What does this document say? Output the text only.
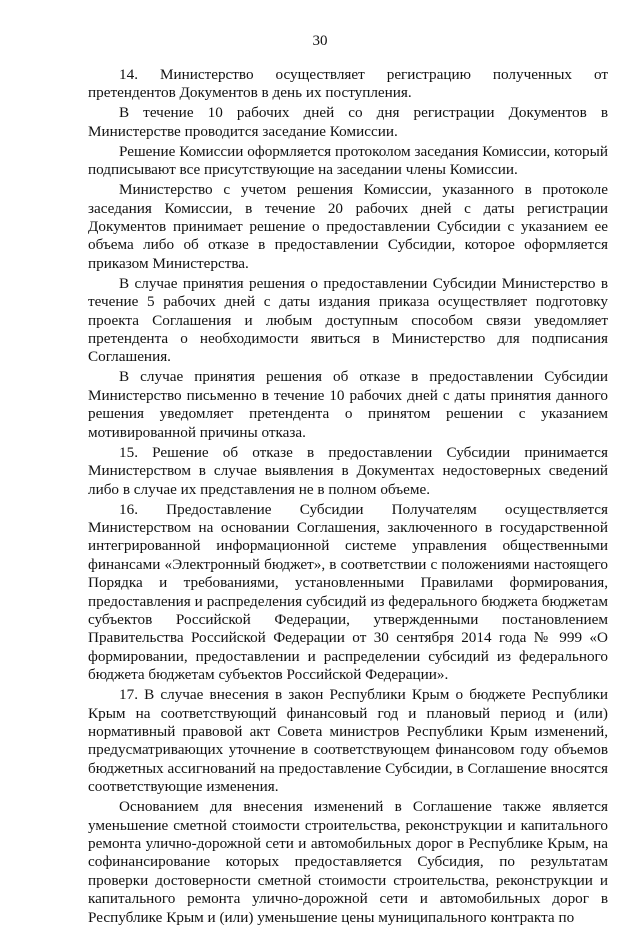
30

14. Министерство осуществляет регистрацию полученных от претендентов Документов в день их поступления.

В течение 10 рабочих дней со дня регистрации Документов в Министерстве проводится заседание Комиссии.

Решение Комиссии оформляется протоколом заседания Комиссии, который подписывают все присутствующие на заседании члены Комиссии.

Министерство с учетом решения Комиссии, указанного в протоколе заседания Комиссии, в течение 20 рабочих дней с даты регистрации Документов принимает решение о предоставлении Субсидии с указанием ее объема либо об отказе в предоставлении Субсидии, которое оформляется приказом Министерства.

В случае принятия решения о предоставлении Субсидии Министерство в течение 5 рабочих дней с даты издания приказа осуществляет подготовку проекта Соглашения и любым доступным способом связи уведомляет претендента о необходимости явиться в Министерство для подписания Соглашения.

В случае принятия решения об отказе в предоставлении Субсидии Министерство письменно в течение 10 рабочих дней с даты принятия данного решения уведомляет претендента о принятом решении с указанием мотивированной причины отказа.

15. Решение об отказе в предоставлении Субсидии принимается Министерством в случае выявления в Документах недостоверных сведений либо в случае их представления не в полном объеме.

16. Предоставление Субсидии Получателям осуществляется Министерством на основании Соглашения, заключенного в государственной интегрированной информационной системе управления общественными финансами «Электронный бюджет», в соответствии с положениями настоящего Порядка и требованиями, установленными Правилами формирования, предоставления и распределения субсидий из федерального бюджета бюджетам субъектов Российской Федерации, утвержденными постановлением Правительства Российской Федерации от 30 сентября 2014 года № 999 «О формировании, предоставлении и распределении субсидий из федерального бюджета бюджетам субъектов Российской Федерации».

17. В случае внесения в закон Республики Крым о бюджете Республики Крым на соответствующий финансовый год и плановый период и (или) нормативный правовой акт Совета министров Республики Крым изменений, предусматривающих уточнение в соответствующем финансовом году объемов бюджетных ассигнований на предоставление Субсидии, в Соглашение вносятся соответствующие изменения.

Основанием для внесения изменений в Соглашение также является уменьшение сметной стоимости строительства, реконструкции и капитального ремонта улично-дорожной сети и автомобильных дорог в Республике Крым, на софинансирование которых предоставляется Субсидия, по результатам проверки достоверности сметной стоимости строительства, реконструкции и капитального ремонта улично-дорожной сети и автомобильных дорог в Республике Крым и (или) уменьшение цены муниципального контракта по
